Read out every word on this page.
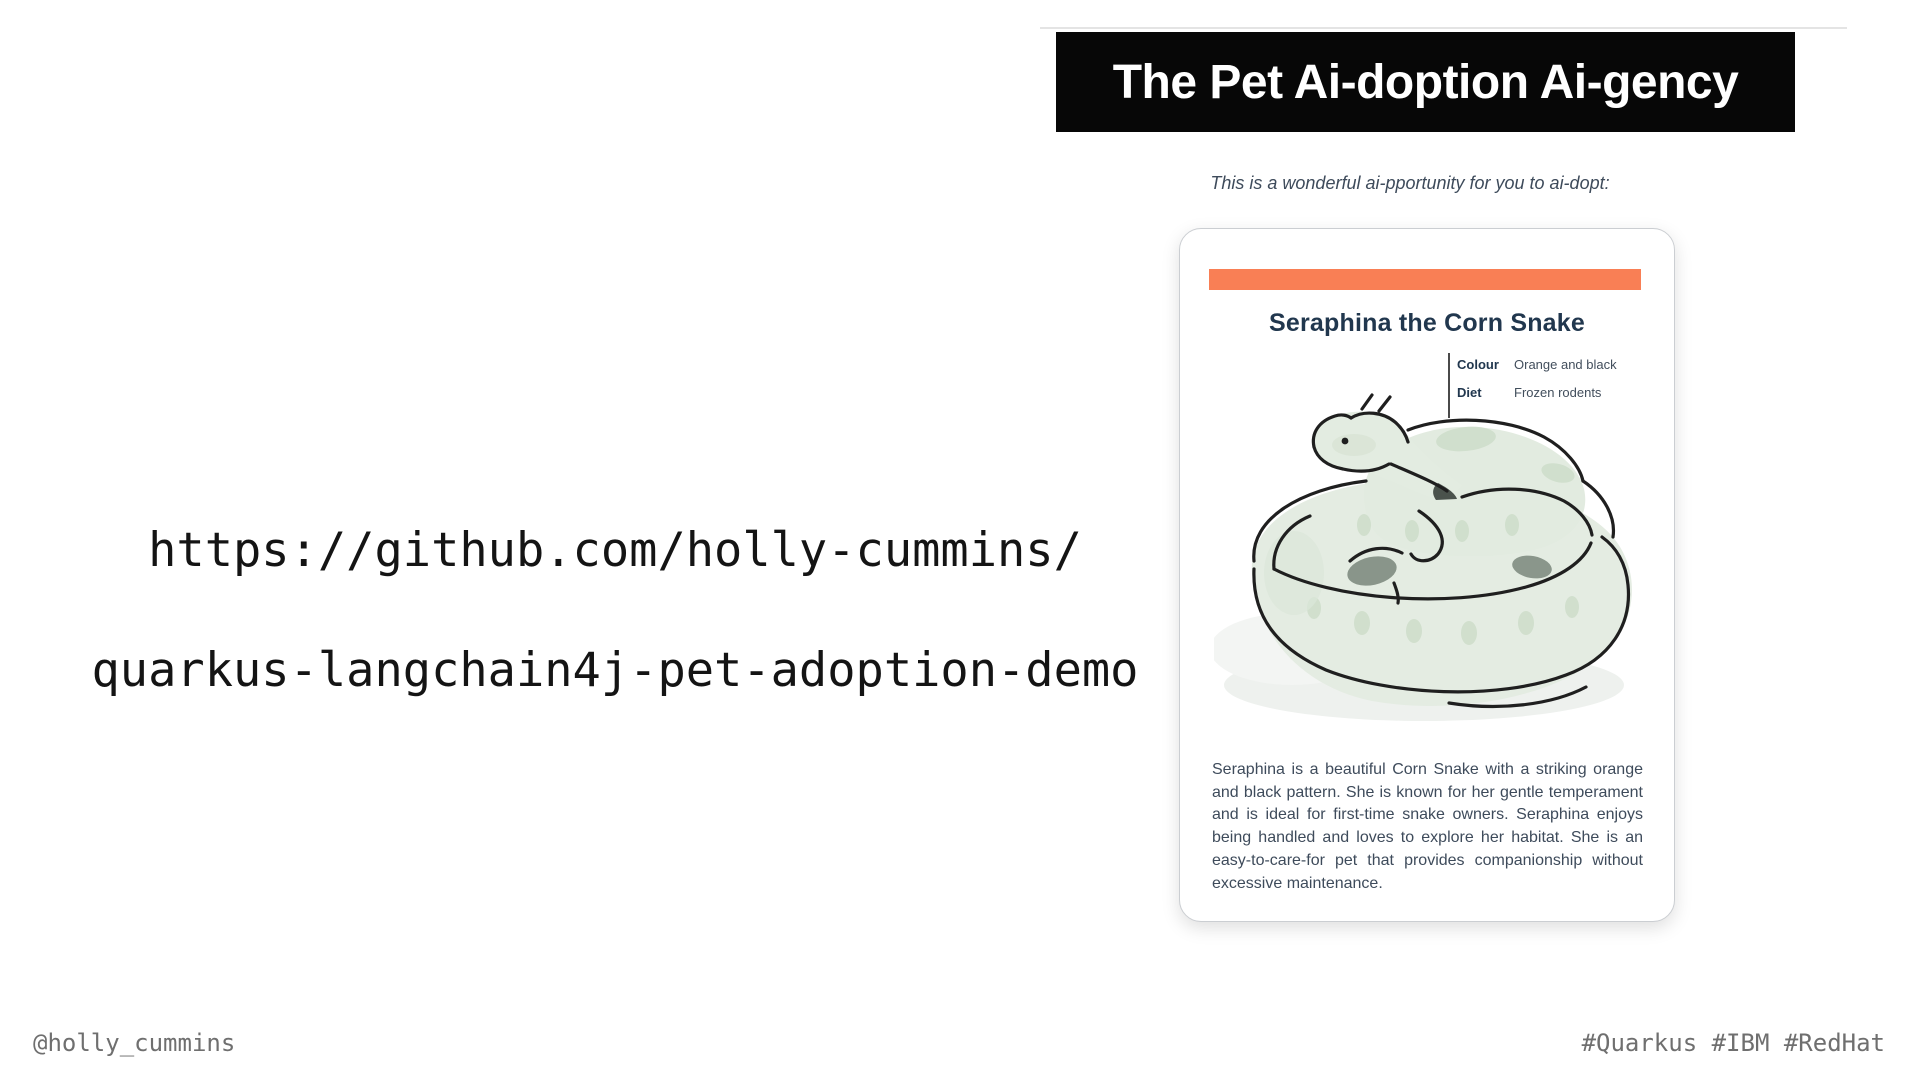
The Pet Ai-doption Ai-gency
This is a wonderful ai-pportunity for you to ai-dopt:
Seraphina the Corn Snake
Colour	Orange and black
Diet	Frozen rodents

Seraphina is a beautiful Corn Snake with a striking orange and black pattern. She is known for her gentle temperament and is ideal for first-time snake owners. Seraphina enjoys being handled and loves to explore her habitat. She is an easy-to-care-for pet that provides companionship without excessive maintenance.

https://github.com/holly-cummins/

quarkus-langchain4j-pet-adoption-demo
@holly_cummins	#Quarkus #IBM #RedHat
